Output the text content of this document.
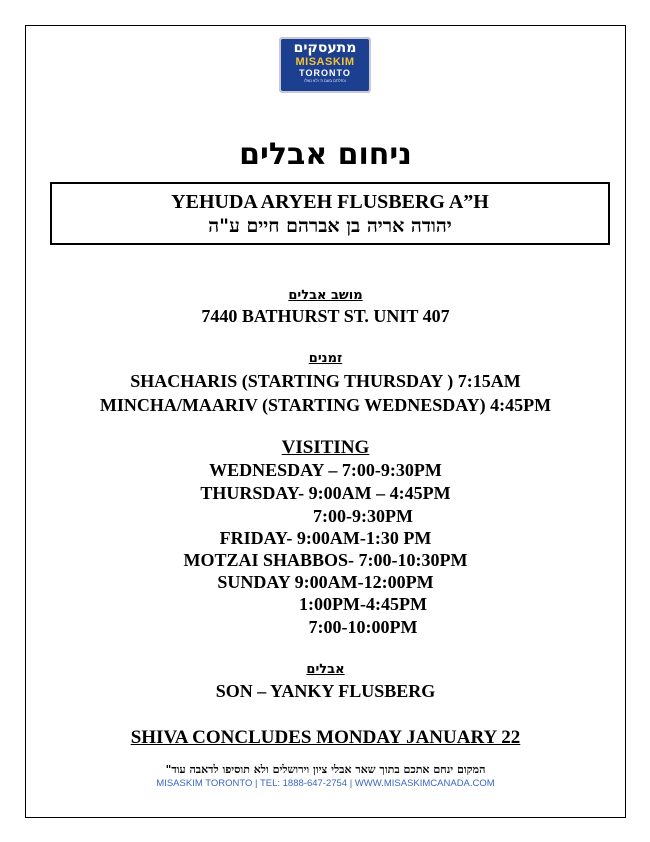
מתעסקים
MISASKIM
TORONTO
ונפלתם בשם ה' ולא נשלו
ניחום אבלים
YEHUDA ARYEH FLUSBERG A”H
יהודה אריה בן אברהם חיים ע"ה
מושב אבלים
7440 BATHURST ST. UNIT 407
זמנים
SHACHARIS (STARTING THURSDAY ) 7:15AM
MINCHA/MAARIV (STARTING WEDNESDAY) 4:45PM
VISITING
WEDNESDAY – 7:00-9:30PM
THURSDAY- 9:00AM – 4:45PM
7:00-9:30PM
FRIDAY- 9:00AM-1:30 PM
MOTZAI SHABBOS- 7:00-10:30PM
SUNDAY 9:00AM-12:00PM
1:00PM-4:45PM
7:00-10:00PM
אבלים
SON – YANKY FLUSBERG
SHIVA CONCLUDES MONDAY JANUARY 22
המקום ינחם אתכם בתוך שאר אבלי ציון וירושלים ולא תוסיפו לדאבה עוד"
MISASKIM TORONTO | TEL: 1888-647-2754 | WWW.MISASKIMCANADA.COM
